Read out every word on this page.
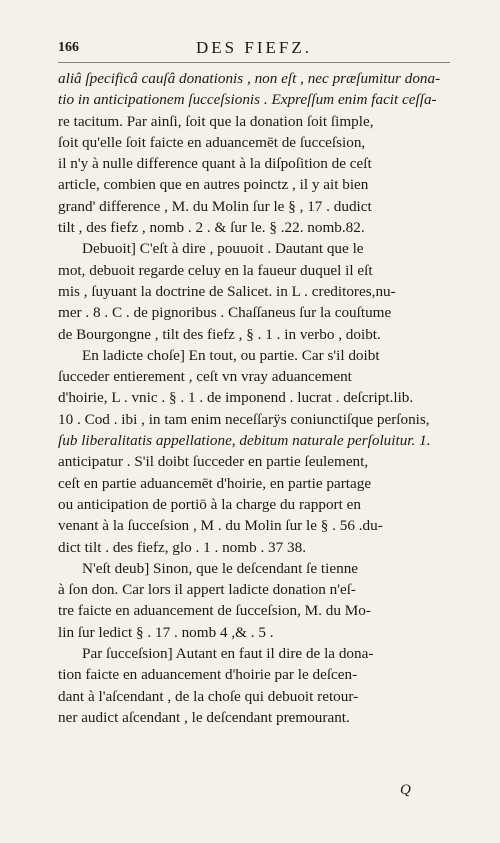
166	DES FIEFZ.
aliâ ſpecificâ cauſâ donationis , non eſt , nec præſumitur dona-
tio in anticipationem ſucceſsionis . Expreſſum enim facit ceſſa-
re tacitum. Par ainſi, ſoit que la donation ſoit ſimple,
ſoit qu'elle ſoit faicte en aduancemēt de ſucceſsion,
il n'y à nulle difference quant à la diſpoſition de ceſt
article, combien que en autres poinctz , il y ait bien
grand' difference , M. du Molin ſur le § , 17 . dudict
tilt , des fiefz , nomb . 2 . & ſur le. § .22. nomb.82.
Debuoit] C'eſt à dire , pouuoit . Dautant que le
mot, debuoit regarde celuy en la faueur duquel il eſt
mis , ſuyuant la doctrine de Salicet. in L . creditores,nu-
mer . 8 . C . de pignoribus . Chaſſaneus ſur la couſtume
de Bourgongne , tilt des fiefz , § . 1 . in verbo , doibt.
En ladicte choſe] En tout, ou partie. Car s'il doibt
ſucceder entierement , ceſt vn vray aduancement
d'hoirie, L . vnic . § . 1 . de imponend . lucrat . deſcript.lib.
10 . Cod . ibi , in tam enim neceſſarÿs coniunctiſque perſonis,
ſub liberalitatis appellatione, debitum naturale perſoluitur. 1.
anticipatur . S'il doibt ſucceder en partie ſeulement,
ceſt en partie aduancemēt d'hoirie, en partie partage
ou anticipation de portiō à la charge du rapport en
venant à la ſucceſsion , M . du Molin ſur le § . 56 .du-
dict tilt . des fiefz, glo . 1 . nomb . 37 38.
N'eſt deub] Sinon, que le deſcendant ſe tienne
à ſon don. Car lors il appert ladicte donation n'eſ-
tre faicte en aduancement de ſucceſsion, M. du Mo-
lin ſur ledict § . 17 . nomb 4 ,& . 5 .
Par ſucceſsion] Autant en faut il dire de la dona-
tion faicte en aduancement d'hoirie par le deſcen-
dant à l'aſcendant , de la choſe qui debuoit retour-
ner audict aſcendant , le deſcendant premourant.
Q
